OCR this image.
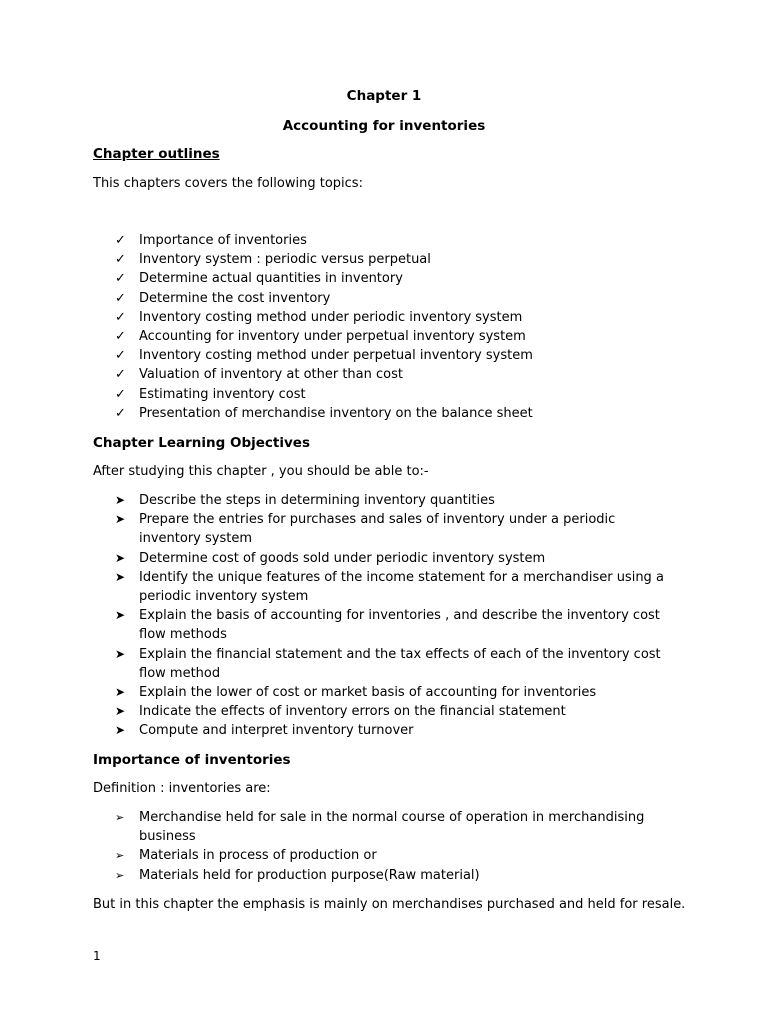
Chapter 1
Accounting for inventories
Chapter outlines
This chapters covers the following topics:
✓	Importance of inventories
✓	Inventory system : periodic versus perpetual
✓	Determine actual quantities in inventory
✓	Determine the cost inventory
✓	Inventory costing method under periodic inventory system
✓	Accounting for inventory under perpetual inventory system
✓	Inventory costing method under perpetual inventory system
✓	Valuation of inventory at other than cost
✓	Estimating inventory cost
✓	Presentation of merchandise inventory on the balance sheet
Chapter Learning Objectives
After studying this chapter , you should be able to:-
➤	Describe the steps in determining inventory quantities
➤	Prepare the entries for purchases and sales of inventory under a periodic inventory system
➤	Determine cost of goods sold under periodic inventory system
➤	Identify the unique features of the income statement for a merchandiser using a periodic inventory system
➤	Explain the basis of accounting for inventories , and describe the inventory cost flow methods
➤	Explain the financial statement and the tax effects of each of the inventory cost flow method
➤	Explain the lower of cost or market basis of accounting for inventories
➤	Indicate the effects of inventory errors on the financial statement
➤	Compute and interpret inventory turnover
Importance of inventories
Definition : inventories are:
➢	Merchandise held for sale in the normal course of operation in merchandising business
➢	Materials in process of production or
➢	Materials held for production purpose(Raw material)
But in this chapter the emphasis is mainly on merchandises purchased and held for resale.
1
